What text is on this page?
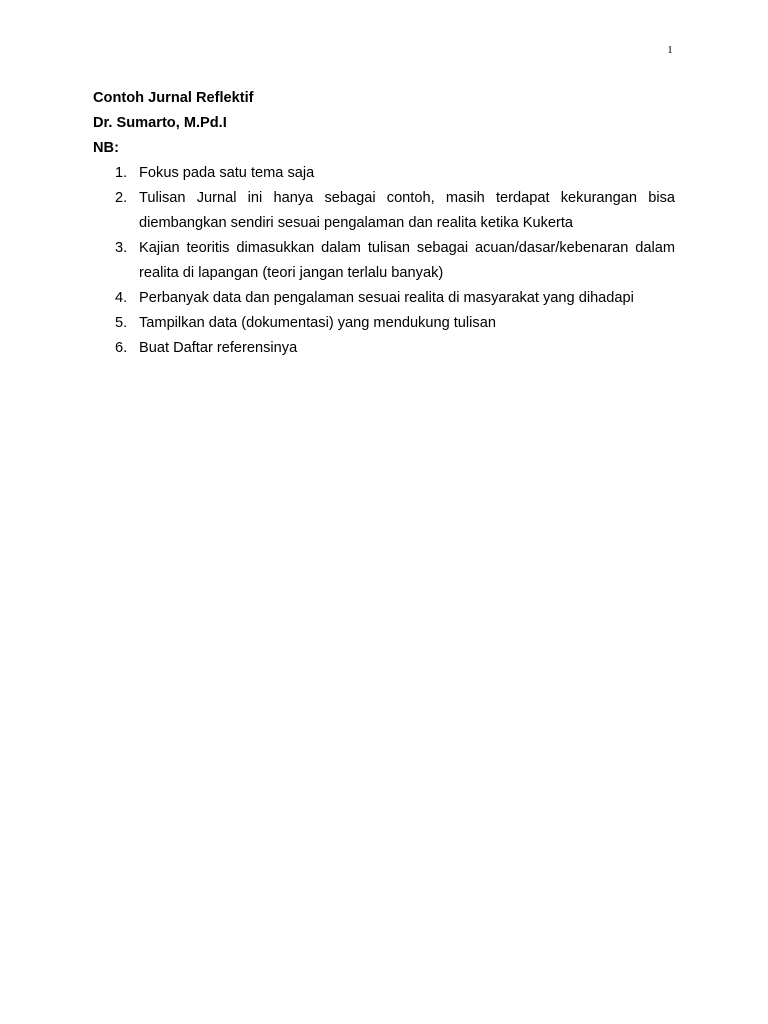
1

Contoh Jurnal Reflektif

Dr. Sumarto, M.Pd.I

NB:

1. Fokus pada satu tema saja
2. Tulisan Jurnal ini hanya sebagai contoh, masih terdapat kekurangan bisa diembangkan sendiri sesuai pengalaman dan realita ketika Kukerta
3. Kajian teoritis dimasukkan dalam tulisan sebagai acuan/dasar/kebenaran dalam realita di lapangan (teori jangan terlalu banyak)
4. Perbanyak data dan pengalaman sesuai realita di masyarakat yang dihadapi
5. Tampilkan data (dokumentasi) yang mendukung tulisan
6. Buat Daftar referensinya
